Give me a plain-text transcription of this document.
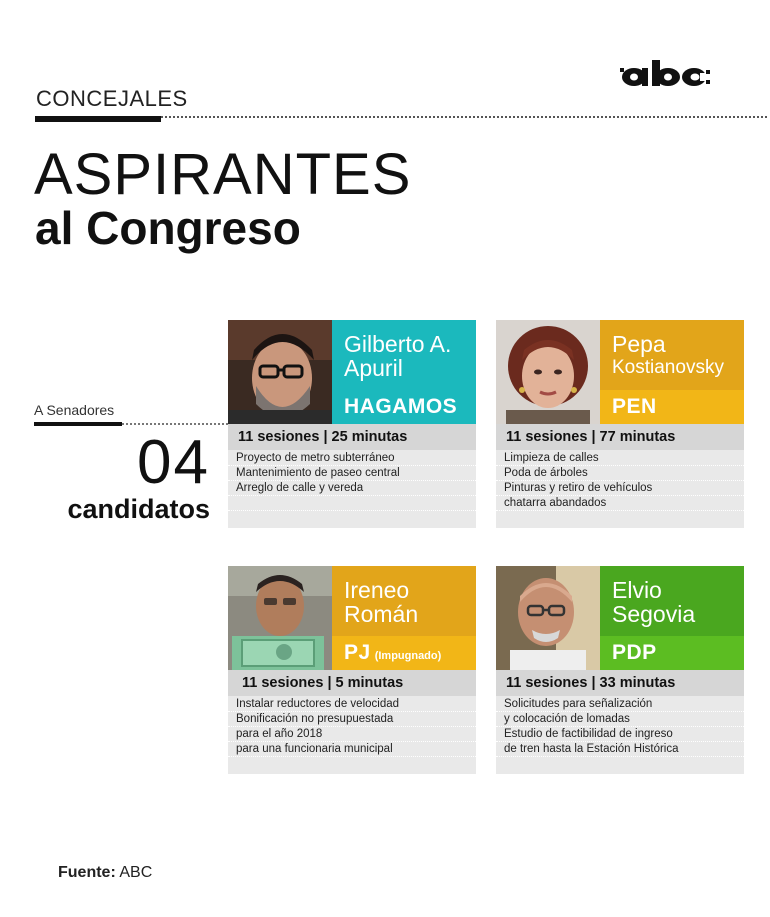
CONCEJALES
ASPIRANTES
al Congreso
A Senadores
04
candidatos
Gilberto A.
Apuril
HAGAMOS
11 sesiones | 25 minutas
Proyecto de metro subterráneo
Mantenimiento de paseo central
Arreglo de calle y vereda
Pepa
Kostianovsky
PEN
11 sesiones | 77 minutas
Limpieza de calles
Poda de árboles
Pinturas y retiro de vehículos
chatarra abandados
Ireneo
Román
PJ (Impugnado)
11 sesiones | 5 minutas
Instalar reductores de velocidad
Bonificación no presupuestada
para el año 2018
para una funcionaria municipal
Elvio
Segovia
PDP
11 sesiones | 33 minutas
Solicitudes para señalización
y colocación de lomadas
Estudio de factibilidad de ingreso
de tren hasta la Estación Histórica
Fuente: ABC
